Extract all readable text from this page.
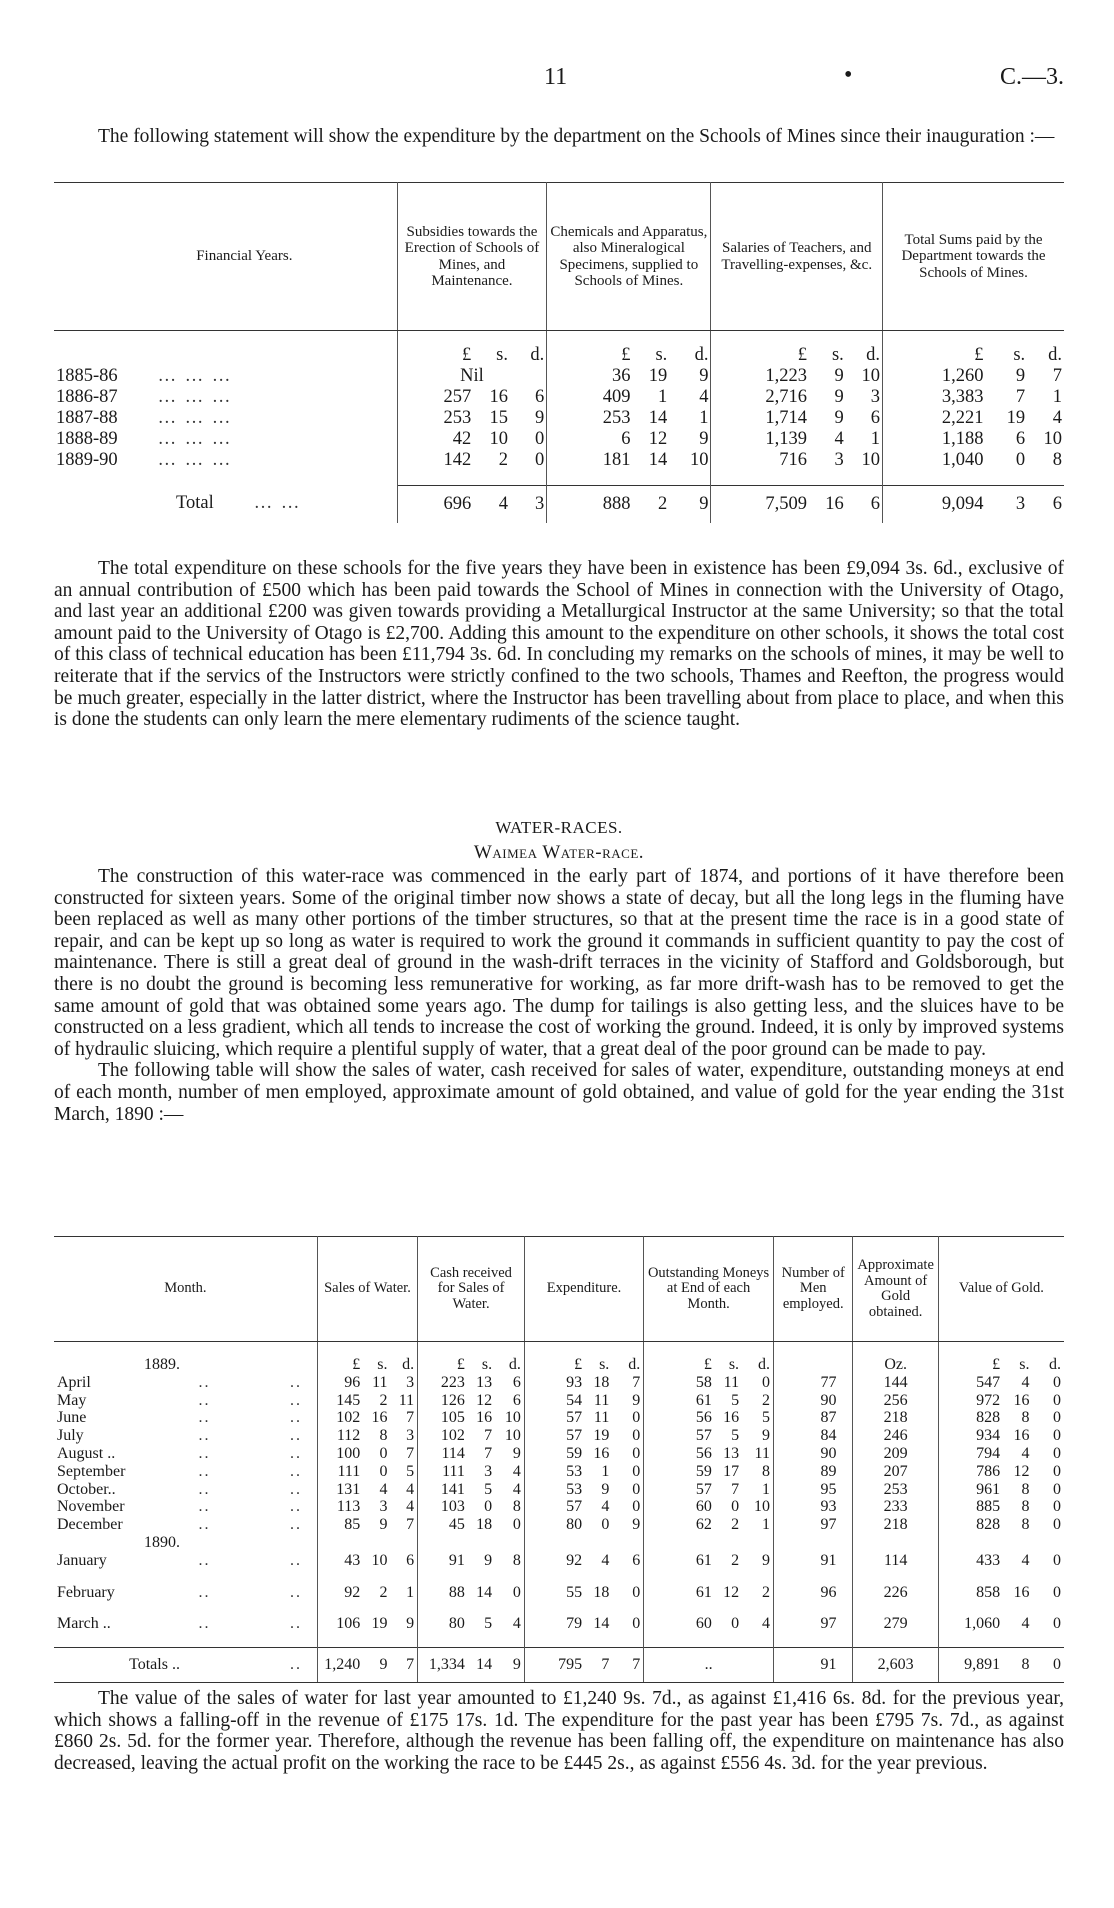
11	•	C.—3.

The following statement will show the expenditure by the department on the Schools of Mines since their inauguration :—

Financial Years.	Subsidies towards the Erection of Schools of Mines, and Maintenance.			Chemicals and Apparatus, also Mineralogical Specimens, supplied to Schools of Mines.			Salaries of Teachers, and Travelling-expenses, &c.			Total Sums paid by the Department towards the Schools of Mines.		
	£	s.	d.	£	s.	d.	£	s.	d.	£	s.	d.
1885-86 … … …	Nil			36	19	9	1,223	9	10	1,260	9	7
1886-87 … … …	257	16	6	409	1	4	2,716	9	3	3,383	7	1
1887-88 … … …	253	15	9	253	14	1	1,714	9	6	2,221	19	4
1888-89 … … …	42	10	0	6	12	9	1,139	4	1	1,188	6	10
1889-90 … … …	142	2	0	181	14	10	716	3	10	1,040	0	8
Total … …	696	4	3	888	2	9	7,509	16	6	9,094	3	6

The total expenditure on these schools for the five years they have been in existence has been £9,094 3s. 6d., exclusive of an annual contribution of £500 which has been paid towards the School of Mines in connection with the University of Otago, and last year an additional £200 was given towards providing a Metallurgical Instructor at the same University; so that the total amount paid to the University of Otago is £2,700. Adding this amount to the expenditure on other schools, it shows the total cost of this class of technical education has been £11,794 3s. 6d. In concluding my remarks on the schools of mines, it may be well to reiterate that if the servics of the Instructors were strictly confined to the two schools, Thames and Reefton, the progress would be much greater, especially in the latter district, where the Instructor has been travelling about from place to place, and when this is done the students can only learn the mere elementary rudiments of the science taught.

WATER-RACES.
Waimea Water-race.

The construction of this water-race was commenced in the early part of 1874, and portions of it have therefore been constructed for sixteen years. Some of the original timber now shows a state of decay, but all the long legs in the fluming have been replaced as well as many other portions of the timber structures, so that at the present time the race is in a good state of repair, and can be kept up so long as water is required to work the ground it commands in sufficient quantity to pay the cost of maintenance. There is still a great deal of ground in the wash-drift terraces in the vicinity of Stafford and Goldsborough, but there is no doubt the ground is becoming less remunerative for working, as far more drift-wash has to be removed to get the same amount of gold that was obtained some years ago. The dump for tailings is also getting less, and the sluices have to be constructed on a less gradient, which all tends to increase the cost of working the ground. Indeed, it is only by improved systems of hydraulic sluicing, which require a plentiful supply of water, that a great deal of the poor ground can be made to pay.

The following table will show the sales of water, cash received for sales of water, expenditure, outstanding moneys at end of each month, number of men employed, approximate amount of gold obtained, and value of gold for the year ending the 31st March, 1890 :—

Month.	Sales of Water.			Cash received for Sales of Water.			Expenditure.			Outstanding Moneys at End of each Month.			Number of Men employed.	Approximate Amount of Gold obtained.	Value of Gold.		
1889.	£	s.	d.	£	s.	d.	£	s.	d.	£	s.	d.		Oz.	£	s.	d.

April .. ..	96	11	3	223	13	6	93	18	7	58	11	0	77	144	547	4	0

May .. ..	145	2	11	126	12	6	54	11	9	61	5	2	90	256	972	16	0

June .. ..	102	16	7	105	16	10	57	11	0	56	16	5	87	218	828	8	0

July .. ..	112	8	3	102	7	10	57	19	0	57	5	9	84	246	934	16	0

August .. .. ..	100	0	7	114	7	9	59	16	0	56	13	11	90	209	794	4	0

September .. ..	111	0	5	111	3	4	53	1	0	59	17	8	89	207	786	12	0

October.. .. ..	131	4	4	141	5	4	53	9	0	57	7	1	95	253	961	8	0

November .. ..	113	3	4	103	0	8	57	4	0	60	0	10	93	233	885	8	0

December .. ..	85	9	7	45	18	0	80	0	9	62	2	1	97	218	828	8	0
1890.																	

January .. ..	43	10	6	91	9	8	92	4	6	61	2	9	91	114	433	4	0

February .. ..	92	2	1	88	14	0	55	18	0	61	12	2	96	226	858	16	0

March .. .. ..	106	19	9	80	5	4	79	14	0	60	0	4	97	279	1,060	4	0

Totals .. ..	1,240	9	7	1,334	14	9	795	7	7	..			91	2,603	9,891	8	0

The value of the sales of water for last year amounted to £1,240 9s. 7d., as against £1,416 6s. 8d. for the previous year, which shows a falling-off in the revenue of £175 17s. 1d. The expenditure for the past year has been £795 7s. 7d., as against £860 2s. 5d. for the former year. Therefore, although the revenue has been falling off, the expenditure on maintenance has also decreased, leaving the actual profit on the working the race to be £445 2s., as against £556 4s. 3d. for the year previous.
